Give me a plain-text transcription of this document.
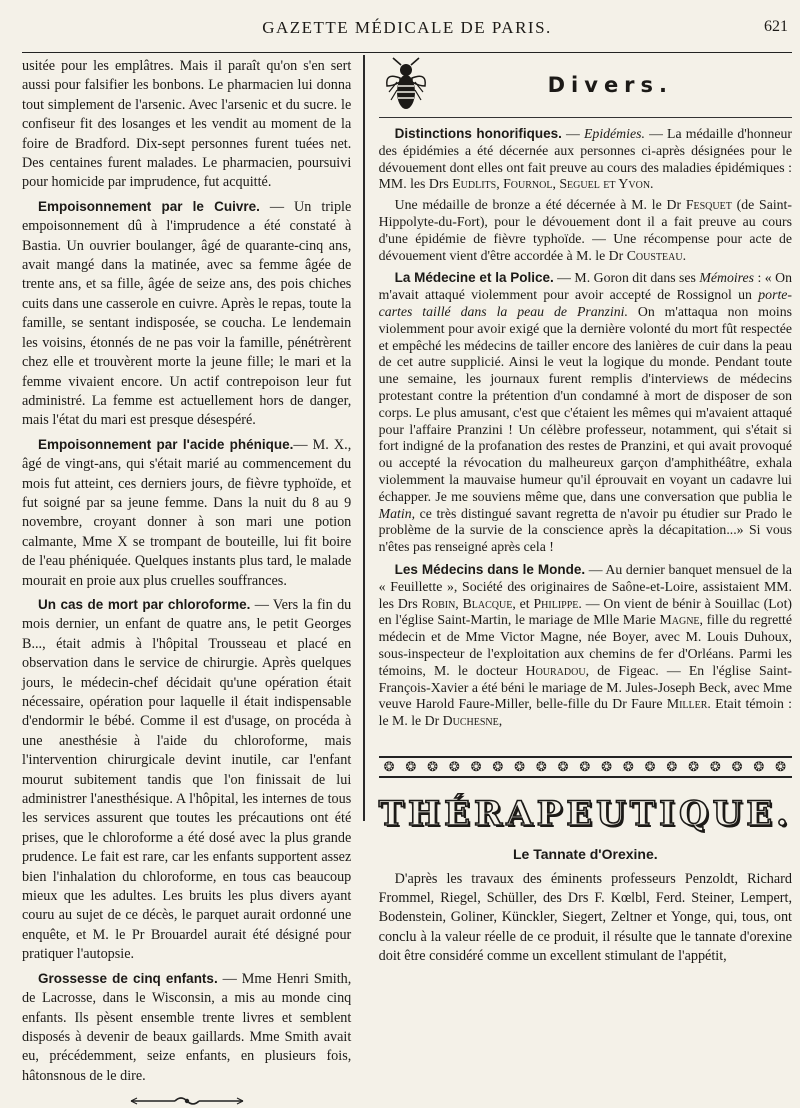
GAZETTE MÉDICALE DE PARIS.	621

usitée pour les emplâtres. Mais il paraît qu'on s'en sert aussi pour falsifier les bonbons. Le pharmacien lui donna tout simplement de l'arsenic. Avec l'arsenic et du sucre. le confiseur fit des losanges et les vendit au moment de la foire de Bradford. Dix-sept personnes furent tuées net. Des centaines furent malades. Le pharmacien, poursuivi pour homicide par imprudence, fut acquitté.

Empoisonnement par le Cuivre. — Un triple empoisonnement dû à l'imprudence a été constaté à Bastia. Un ouvrier boulanger, âgé de quarante-cinq ans, avait mangé dans la matinée, avec sa femme âgée de trente ans, et sa fille, âgée de seize ans, des pois chiches cuits dans une casserole en cuivre. Après le repas, toute la famille, se sentant indisposée, se coucha. Le lendemain les voisins, étonnés de ne pas voir la famille, pénétrèrent chez elle et trouvèrent morte la jeune fille; le mari et la femme vivaient encore. Un actif contrepoison leur fut administré. La femme est actuellement hors de danger, mais l'état du mari est presque désespéré.

Empoisonnement par l'acide phénique.— M. X., âgé de vingt-ans, qui s'était marié au commencement du mois fut atteint, ces derniers jours, de fièvre typhoïde, et fut soigné par sa jeune femme. Dans la nuit du 8 au 9 novembre, croyant donner à son mari une potion calmante, Mme X se trompant de bouteille, lui fit boire de l'eau phéniquée. Quelques instants plus tard, le malade mourait en proie aux plus cruelles souffrances.

Un cas de mort par chloroforme. — Vers la fin du mois dernier, un enfant de quatre ans, le petit Georges B..., était admis à l'hôpital Trousseau et placé en observation dans le service de chirurgie. Après quelques jours, le médecin-chef décidait qu'une opération était nécessaire, opération pour laquelle il était indispensable d'endormir le bébé. Comme il est d'usage, on procéda à une anesthésie à l'aide du chloroforme, mais l'intervention chirurgicale devint inutile, car l'enfant mourut subitement tandis que l'on finissait de lui administrer l'anesthésique. A l'hôpital, les internes de tous les services assurent que toutes les précautions ont été prises, que le chloroforme a été dosé avec la plus grande prudence. Le fait est rare, car les enfants supportent assez bien l'inhalation du chloroforme, en tous cas beaucoup mieux que les adultes. Les bruits les plus divers ayant couru au sujet de ce décès, le parquet aurait ordonné une enquête, et M. le Pr Brouardel aurait été désigné pour pratiquer l'autopsie.

Grossesse de cinq enfants. — Mme Henri Smith, de Lacrosse, dans le Wisconsin, a mis au monde cinq enfants. Ils pèsent ensemble trente livres et semblent disposés à devenir de beaux gaillards. Mme Smith avait eu, précédemment, seize enfants, en plusieurs fois, hâtonsnous de le dire.

Divers.

Distinctions honorifiques. — Epidémies. — La médaille d'honneur des épidémies a été décernée aux personnes ci-après désignées pour le dévouement dont elles ont fait preuve au cours des maladies épidémiques : MM. les Drs Eudlits, Fournol, Seguel et Yvon.

Une médaille de bronze a été décernée à M. le Dr Fesquet (de Saint-Hippolyte-du-Fort), pour le dévouement dont il a fait preuve au cours d'une épidémie de fièvre typhoïde. — Une récompense pour acte de dévouement vient d'être accordée à M. le Dr Cousteau.

La Médecine et la Police. — M. Goron dit dans ses Mémoires : « On m'avait attaqué violemment pour avoir accepté de Rossignol un porte-cartes taillé dans la peau de Pranzini. On m'attaqua non moins violemment pour avoir exigé que la dernière volonté du mort fût respectée et empêché les médecins de tailler encore des lanières de cuir dans la peau de cet autre supplicié. Ainsi le veut la logique du monde. Pendant toute une semaine, les journaux furent remplis d'interviews de médecins protestant contre la prétention d'un condamné à mort de disposer de son corps. Le plus amusant, c'est que c'étaient les mêmes qui m'avaient attaqué pour l'affaire Pranzini ! Un célèbre professeur, notamment, qui s'était si fort indigné de la profanation des restes de Pranzini, et qui avait provoqué ou accepté la révocation du malheureux garçon d'amphithéâtre, exhala violemment la mauvaise humeur qu'il éprouvait en voyant un cadavre lui échapper. Je me souviens même que, dans une conversation que publia le Matin, ce très distingué savant regretta de n'avoir pu étudier sur Prado le problème de la survie de la conscience après la décapitation...» Si vous n'êtes pas renseigné après cela !

Les Médecins dans le Monde. — Au dernier banquet mensuel de la « Feuillette », Société des originaires de Saône-et-Loire, assistaient MM. les Drs Robin, Blacque, et Philippe. — On vient de bénir à Souillac (Lot) en l'église Saint-Martin, le mariage de Mlle Marie Magne, fille du regretté médecin et de Mme Victor Magne, née Boyer, avec M. Louis Duhoux, sous-inspecteur de l'exploitation aux chemins de fer d'Orléans. Parmi les témoins, M. le docteur Houradou, de Figeac. — En l'église Saint-François-Xavier a été béni le mariage de M. Jules-Joseph Beck, avec Mme veuve Harold Faure-Miller, belle-fille du Dr Faure Miller. Etait témoin : le M. le Dr Duchesne,

❂ ❂ ❂ ❂ ❂ ❂ ❂ ❂ ❂ ❂ ❂ ❂ ❂ ❂ ❂ ❂ ❂ ❂ ❂
THÉRAPEUTIQUE.
Le Tannate d'Orexine.

D'après les travaux des éminents professeurs Penzoldt, Richard Frommel, Riegel, Schüller, des Drs F. Kœlbl, Ferd. Steiner, Lempert, Bodenstein, Goliner, Künckler, Siegert, Zeltner et Yonge, qui, tous, ont conclu à la valeur réelle de ce produit, il résulte que le tannate d'orexine doit être considéré comme un excellent stimulant de l'appétit,
